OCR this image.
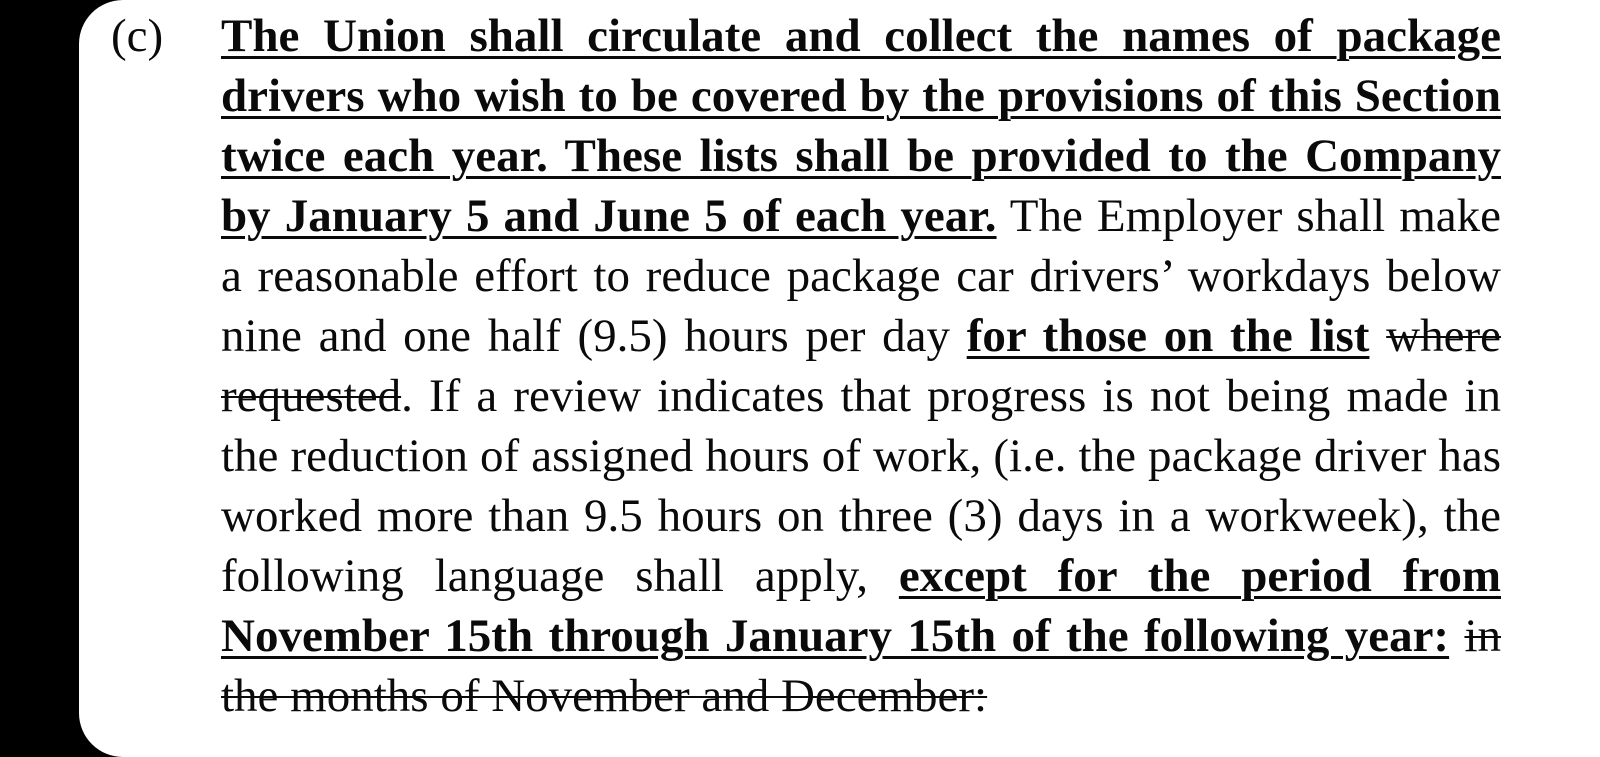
(c)	The Union shall circulate and collect the names of package drivers who wish to be covered by the provisions of this Section twice each year. These lists shall be provided to the Company by January 5 and June 5 of each year. The Employer shall make a reasonable effort to reduce package car drivers’ workdays below nine and one half (9.5) hours per day for those on the list where requested. If a review indicates that progress is not being made in the reduction of assigned hours of work, (i.e. the package driver has worked more than 9.5 hours on three (3) days in a workweek), the following language shall apply, except for the period from November 15th through January 15th of the following year: in the months of November and December:
